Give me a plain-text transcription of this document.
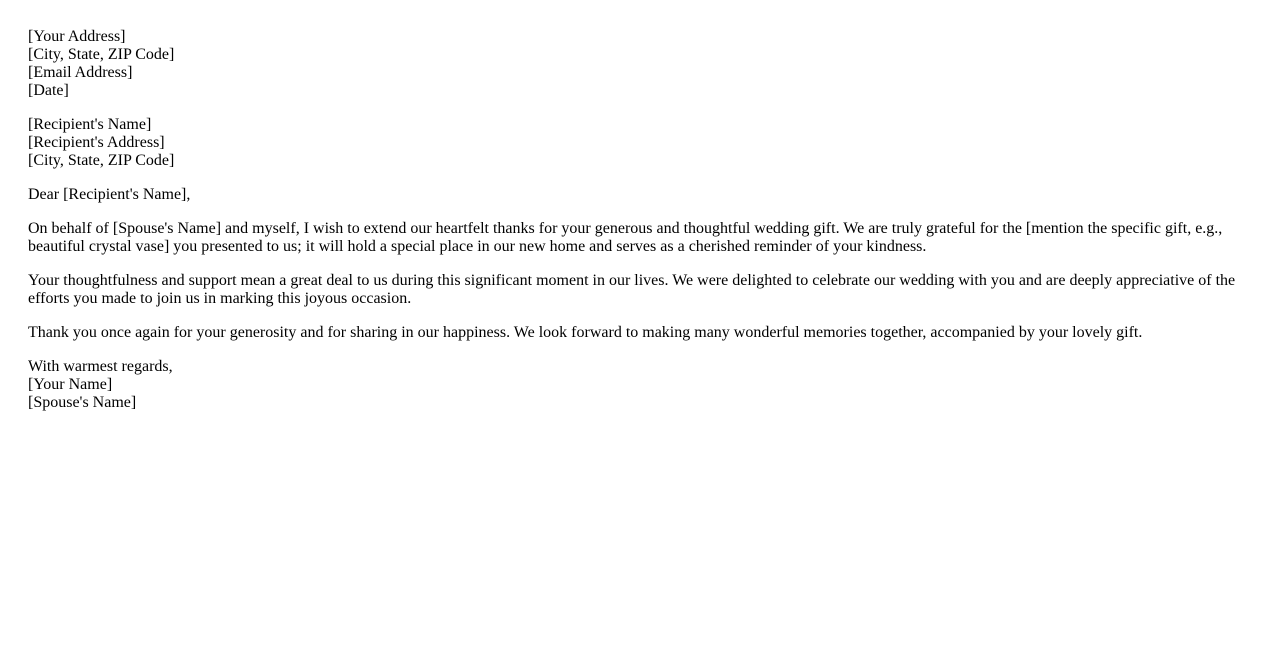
[Your Address]
[City, State, ZIP Code]
[Email Address]
[Date]
[Recipient's Name]
[Recipient's Address]
[City, State, ZIP Code]

Dear [Recipient's Name],

On behalf of [Spouse's Name] and myself, I wish to extend our heartfelt thanks for your generous and thoughtful wedding gift. We are truly grateful for the [mention the specific gift, e.g., beautiful crystal vase] you presented to us; it will hold a special place in our new home and serves as a cherished reminder of your kindness.

Your thoughtfulness and support mean a great deal to us during this significant moment in our lives. We were delighted to celebrate our wedding with you and are deeply appreciative of the efforts you made to join us in marking this joyous occasion.

Thank you once again for your generosity and for sharing in our happiness. We look forward to making many wonderful memories together, accompanied by your lovely gift.

With warmest regards,
[Your Name]
[Spouse's Name]
